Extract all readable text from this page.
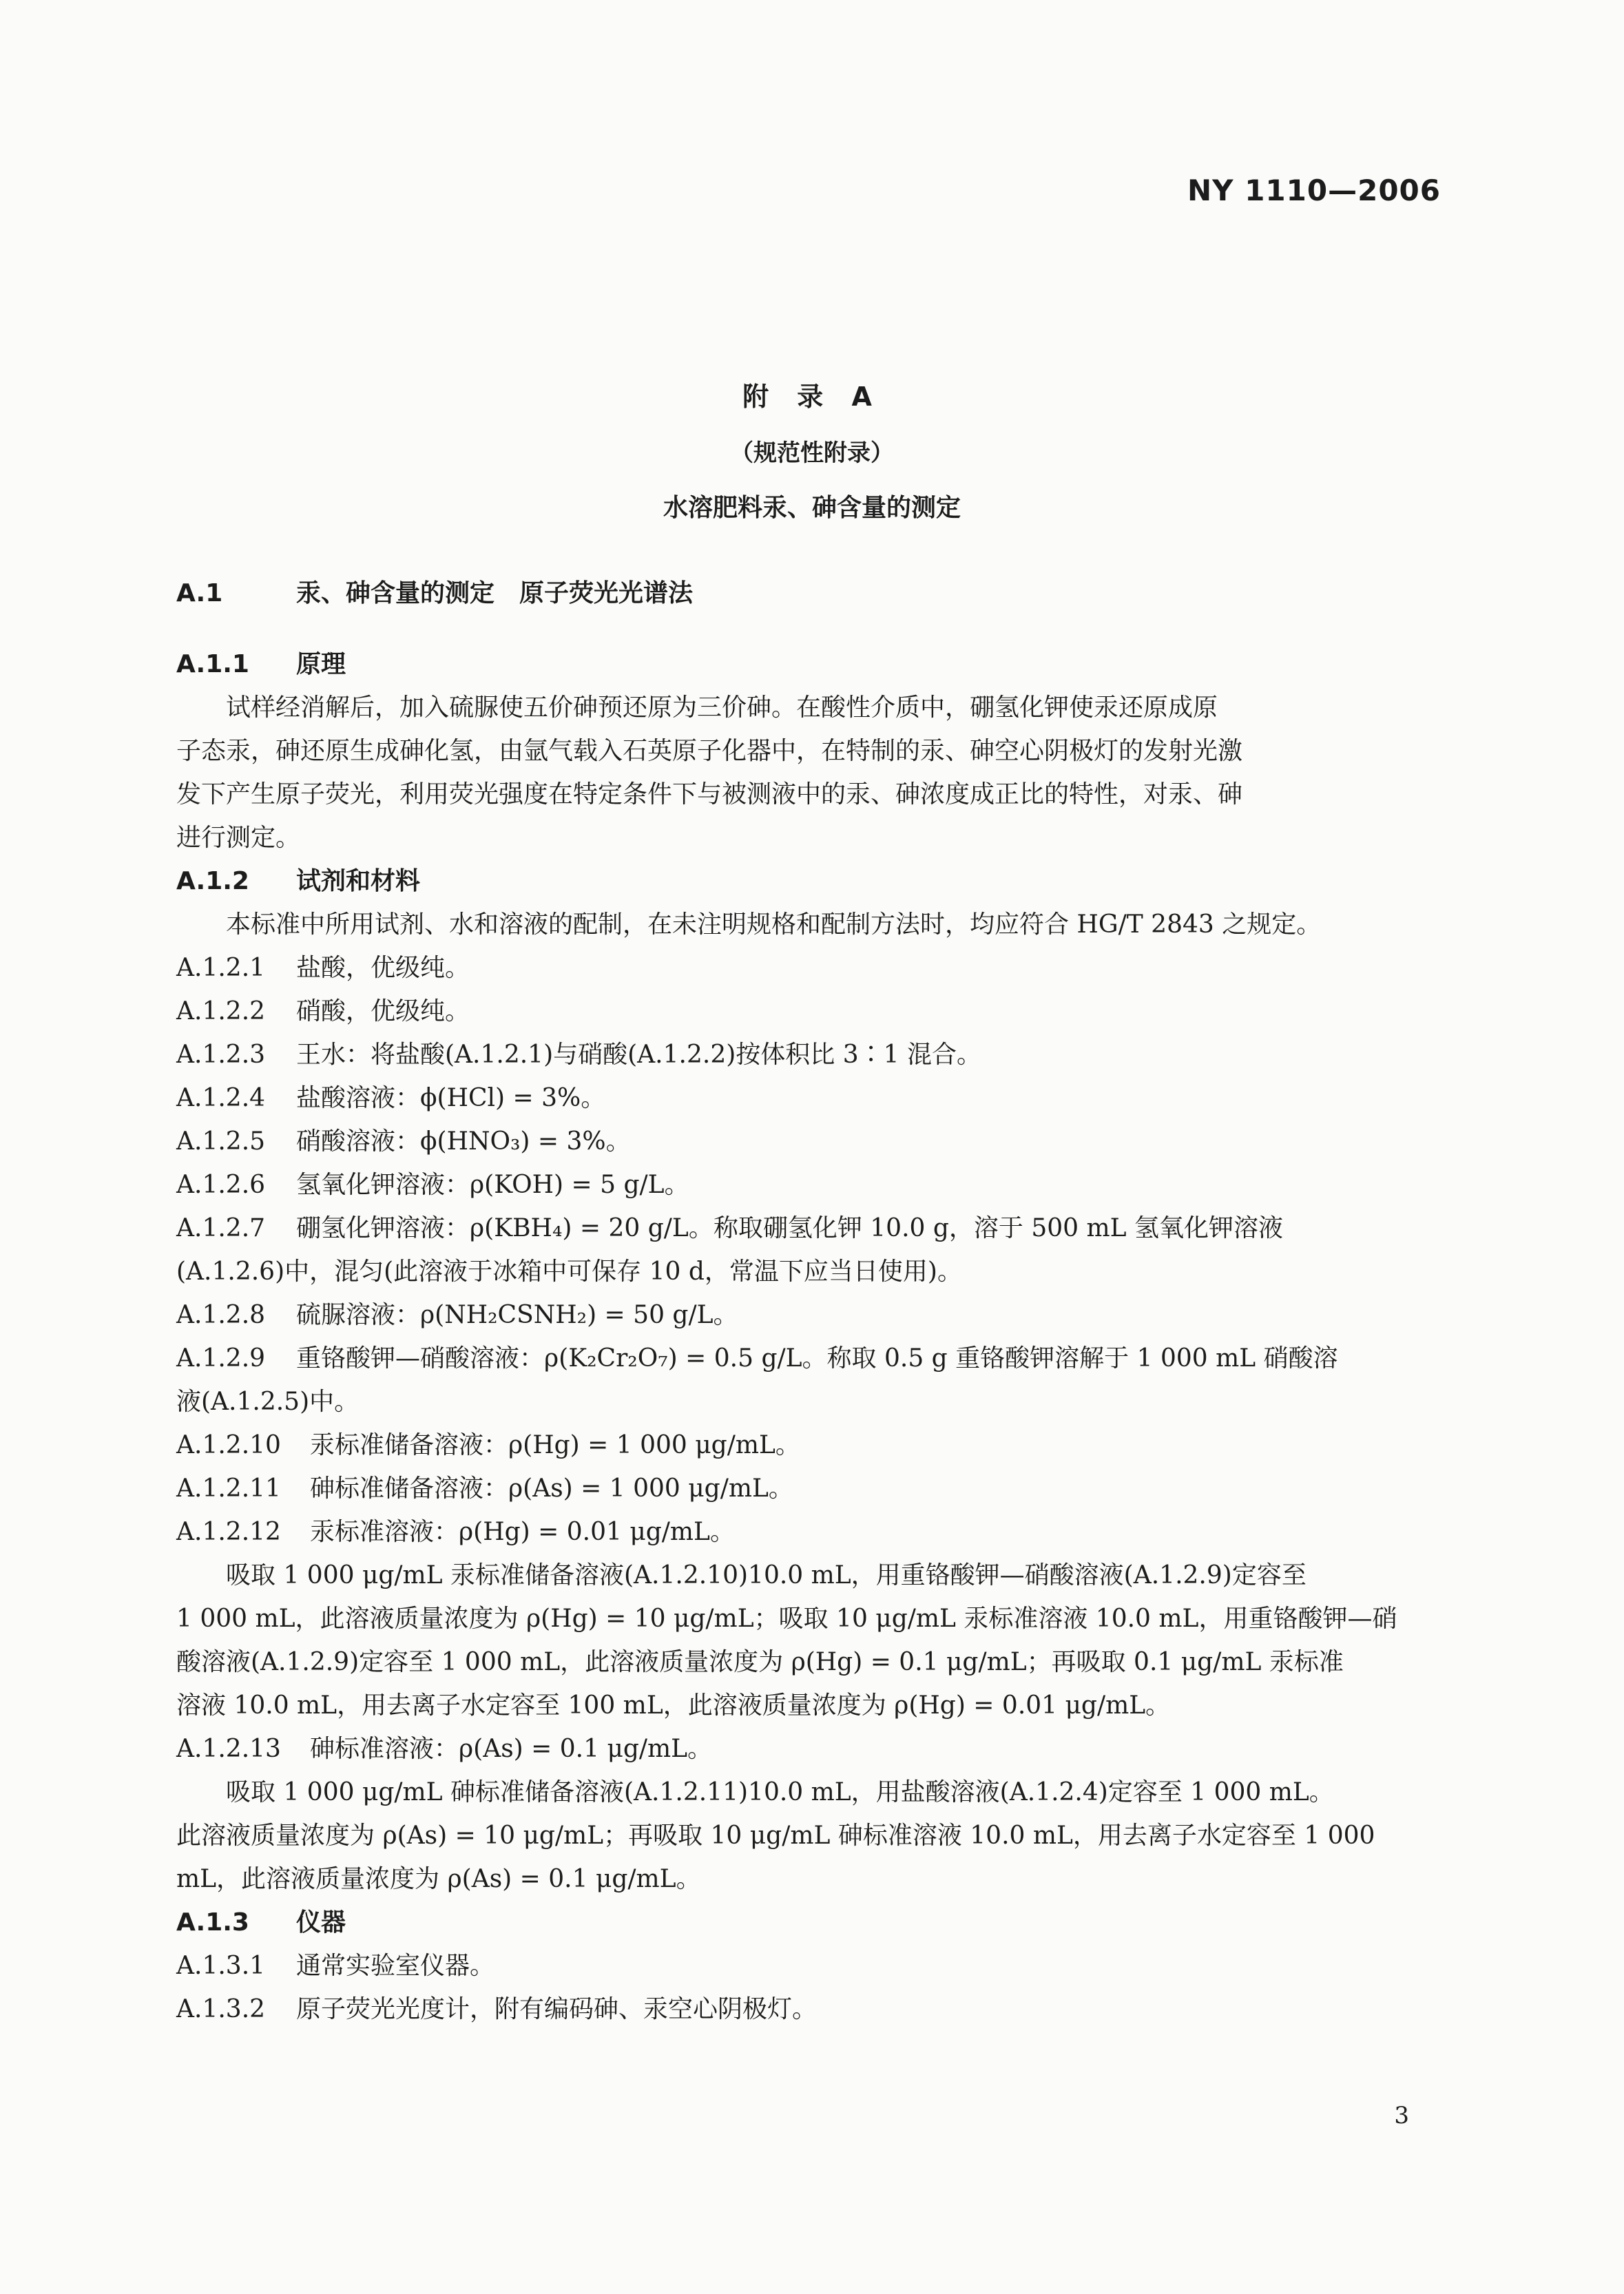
NY 1110—2006
附 录 A
（规范性附录）
水溶肥料汞、砷含量的测定
A.1	汞、砷含量的测定　原子荧光光谱法
A.1.1 原理
试样经消解后，加入硫脲使五价砷预还原为三价砷。在酸性介质中，硼氢化钾使汞还原成原
子态汞，砷还原生成砷化氢，由氩气载入石英原子化器中，在特制的汞、砷空心阴极灯的发射光激
发下产生原子荧光，利用荧光强度在特定条件下与被测液中的汞、砷浓度成正比的特性，对汞、砷
进行测定。
A.1.2 试剂和材料
本标准中所用试剂、水和溶液的配制，在未注明规格和配制方法时，均应符合 HG/T 2843 之规定。
A.1.2.1 盐酸，优级纯。
A.1.2.2 硝酸，优级纯。
A.1.2.3 王水：将盐酸(A.1.2.1)与硝酸(A.1.2.2)按体积比 3∶1 混合。
A.1.2.4 盐酸溶液：ϕ(HCl) = 3%。
A.1.2.5 硝酸溶液：ϕ(HNO₃) = 3%。
A.1.2.6 氢氧化钾溶液：ρ(KOH) = 5 g/L。
A.1.2.7 硼氢化钾溶液：ρ(KBH₄) = 20 g/L。称取硼氢化钾 10.0 g，溶于 500 mL 氢氧化钾溶液
(A.1.2.6)中，混匀(此溶液于冰箱中可保存 10 d，常温下应当日使用)。
A.1.2.8 硫脲溶液：ρ(NH₂CSNH₂) = 50 g/L。
A.1.2.9 重铬酸钾—硝酸溶液：ρ(K₂Cr₂O₇) = 0.5 g/L。称取 0.5 g 重铬酸钾溶解于 1 000 mL 硝酸溶
液(A.1.2.5)中。
A.1.2.10 汞标准储备溶液：ρ(Hg) = 1 000 μg/mL。
A.1.2.11 砷标准储备溶液：ρ(As) = 1 000 μg/mL。
A.1.2.12 汞标准溶液：ρ(Hg) = 0.01 μg/mL。
吸取 1 000 μg/mL 汞标准储备溶液(A.1.2.10)10.0 mL，用重铬酸钾—硝酸溶液(A.1.2.9)定容至
1 000 mL，此溶液质量浓度为 ρ(Hg) = 10 μg/mL；吸取 10 μg/mL 汞标准溶液 10.0 mL，用重铬酸钾—硝
酸溶液(A.1.2.9)定容至 1 000 mL，此溶液质量浓度为 ρ(Hg) = 0.1 μg/mL；再吸取 0.1 μg/mL 汞标准
溶液 10.0 mL，用去离子水定容至 100 mL，此溶液质量浓度为 ρ(Hg) = 0.01 μg/mL。
A.1.2.13 砷标准溶液：ρ(As) = 0.1 μg/mL。
吸取 1 000 μg/mL 砷标准储备溶液(A.1.2.11)10.0 mL，用盐酸溶液(A.1.2.4)定容至 1 000 mL。
此溶液质量浓度为 ρ(As) = 10 μg/mL；再吸取 10 μg/mL 砷标准溶液 10.0 mL，用去离子水定容至 1 000
mL，此溶液质量浓度为 ρ(As) = 0.1 μg/mL。
A.1.3 仪器
A.1.3.1 通常实验室仪器。
A.1.3.2 原子荧光光度计，附有编码砷、汞空心阴极灯。
3
